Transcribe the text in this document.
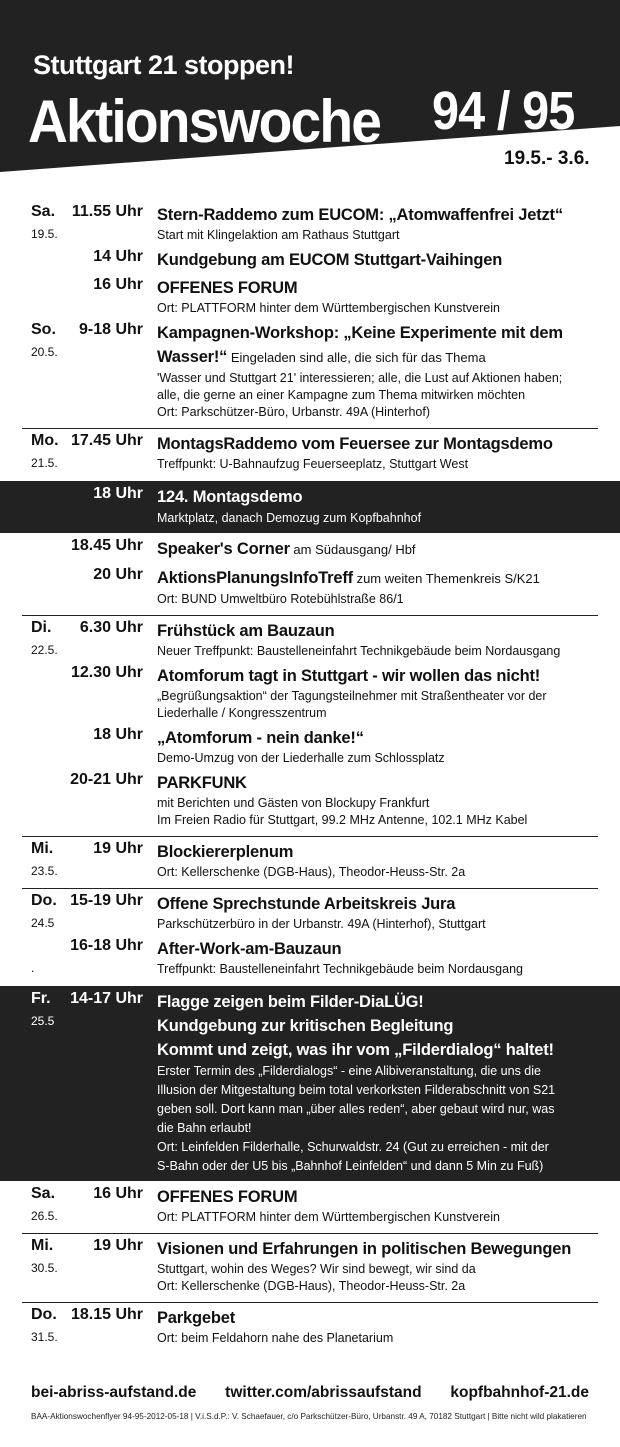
Stuttgart 21 stoppen!
Aktionswoche 94 / 95
19.5.- 3.6.
Sa. 11.55 Uhr
19.5.
Stern-Raddemo zum EUCOM: „Atomwaffenfrei Jetzt“
Start mit Klingelaktion am Rathaus Stuttgart
14 Uhr Kundgebung am EUCOM Stuttgart-Vaihingen
16 Uhr OFFENES FORUM
Ort: PLATTFORM hinter dem Württembergischen Kunstverein
So. 9-18 Uhr
20.5.
Kampagnen-Workshop: „Keine Experimente mit dem
Wasser!“ Eingeladen sind alle, die sich für das Thema
'Wasser und Stuttgart 21' interessieren; alle, die Lust auf Aktionen haben;
alle, die gerne an einer Kampagne zum Thema mitwirken möchten
Ort: Parkschützer-Büro, Urbanstr. 49A (Hinterhof)
Mo. 17.45 Uhr
21.5.
MontagsRaddemo vom Feuersee zur Montagsdemo
Treffpunkt: U-Bahnaufzug Feuerseeplatz, Stuttgart West
18 Uhr 124. Montagsdemo
Marktplatz, danach Demozug zum Kopfbahnhof
18.45 Uhr Speaker's Corner am Südausgang/ Hbf
20 Uhr AktionsPlanungsInfoTreff zum weiten Themenkreis S/K21
Ort: BUND Umweltbüro Rotebühlstraße 86/1
Di. 6.30 Uhr
22.5.
Frühstück am Bauzaun
Neuer Treffpunkt: Baustelleneinfahrt Technikgebäude beim Nordausgang
12.30 Uhr Atomforum tagt in Stuttgart - wir wollen das nicht!
„Begrüßungsaktion“ der Tagungsteilnehmer mit Straßentheater vor der
Liederhalle / Kongresszentrum
18 Uhr „Atomforum - nein danke!“
Demo-Umzug von der Liederhalle zum Schlossplatz
20-21 Uhr PARKFUNK
mit Berichten und Gästen von Blockupy Frankfurt
Im Freien Radio für Stuttgart, 99.2 MHz Antenne, 102.1 MHz Kabel
Mi. 19 Uhr
23.5.
Blockiererplenum
Ort: Kellerschenke (DGB-Haus), Theodor-Heuss-Str. 2a
Do. 15-19 Uhr
24.5
Offene Sprechstunde Arbeitskreis Jura
Parkschützerbüro in der Urbanstr. 49A (Hinterhof), Stuttgart
16-18 Uhr
.
After-Work-am-Bauzaun
Treffpunkt: Baustelleneinfahrt Technikgebäude beim Nordausgang
Fr. 14-17 Uhr
25.5
Flagge zeigen beim Filder-DiaLÜG!
Kundgebung zur kritischen Begleitung
Kommt und zeigt, was ihr vom „Filderdialog“ haltet!
Erster Termin des „Filderdialogs“ - eine Alibiveranstaltung, die uns die
Illusion der Mitgestaltung beim total verkorksten Filderabschnitt von S21
geben soll. Dort kann man „über alles reden“, aber gebaut wird nur, was
die Bahn erlaubt!
Ort: Leinfelden Filderhalle, Schurwaldstr. 24 (Gut zu erreichen - mit der
S-Bahn oder der U5 bis „Bahnhof Leinfelden“ und dann 5 Min zu Fuß)
Sa. 16 Uhr
26.5.
OFFENES FORUM
Ort: PLATTFORM hinter dem Württembergischen Kunstverein
Mi. 19 Uhr
30.5.
Visionen und Erfahrungen in politischen Bewegungen
Stuttgart, wohin des Weges? Wir sind bewegt, wir sind da
Ort: Kellerschenke (DGB-Haus), Theodor-Heuss-Str. 2a
Do. 18.15 Uhr
31.5.
Parkgebet
Ort: beim Feldahorn nahe des Planetarium
bei-abriss-aufstand.de twitter.com/abrissaufstand kopfbahnhof-21.de
BAA-Aktionswochenflyer 94-95-2012-05-18 | V.i.S.d.P.: V. Schaefauer, c/o Parkschützer-Büro, Urbanstr. 49 A, 70182 Stuttgart | Bitte nicht wild plakatieren
